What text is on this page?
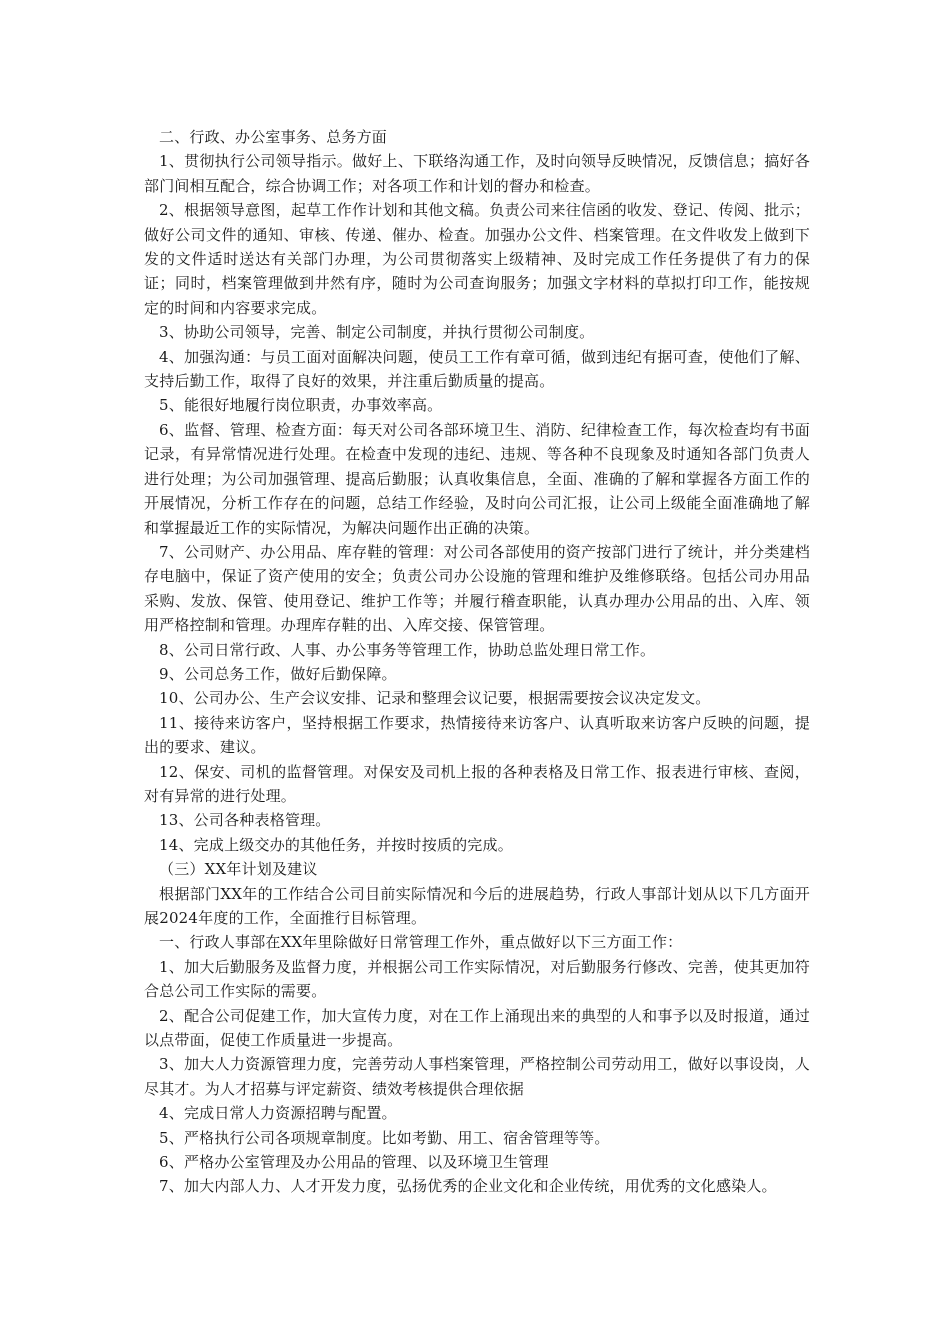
二、行政、办公室事务、总务方面

1、贯彻执行公司领导指示。做好上、下联络沟通工作，及时向领导反映情况，反馈信息；搞好各部门间相互配合，综合协调工作；对各项工作和计划的督办和检查。

2、根据领导意图，起草工作作计划和其他文稿。负责公司来往信函的收发、登记、传阅、批示；做好公司文件的通知、审核、传递、催办、检查。加强办公文件、档案管理。在文件收发上做到下发的文件适时送达有关部门办理，为公司贯彻落实上级精神、及时完成工作任务提供了有力的保证；同时，档案管理做到井然有序，随时为公司查询服务；加强文字材料的草拟打印工作，能按规定的时间和内容要求完成。

3、协助公司领导，完善、制定公司制度，并执行贯彻公司制度。

4、加强沟通：与员工面对面解决问题，使员工工作有章可循，做到违纪有据可查，使他们了解、支持后勤工作，取得了良好的效果，并注重后勤质量的提高。

5、能很好地履行岗位职责，办事效率高。

6、监督、管理、检查方面：每天对公司各部环境卫生、消防、纪律检查工作，每次检查均有书面记录，有异常情况进行处理。在检查中发现的违纪、违规、等各种不良现象及时通知各部门负责人进行处理；为公司加强管理、提高后勤服；认真收集信息，全面、准确的了解和掌握各方面工作的开展情况，分析工作存在的问题，总结工作经验，及时向公司汇报，让公司上级能全面准确地了解和掌握最近工作的实际情况，为解决问题作出正确的决策。

7、公司财产、办公用品、库存鞋的管理：对公司各部使用的资产按部门进行了统计，并分类建档存电脑中，保证了资产使用的安全；负责公司办公设施的管理和维护及维修联络。包括公司办用品采购、发放、保管、使用登记、维护工作等；并履行稽查职能，认真办理办公用品的出、入库、领用严格控制和管理。办理库存鞋的出、入库交接、保管管理。

8、公司日常行政、人事、办公事务等管理工作，协助总监处理日常工作。

9、公司总务工作，做好后勤保障。

10、公司办公、生产会议安排、记录和整理会议记要，根据需要按会议决定发文。

11、接待来访客户，坚持根据工作要求，热情接待来访客户、认真听取来访客户反映的问题，提出的要求、建议。

12、保安、司机的监督管理。对保安及司机上报的各种表格及日常工作、报表进行审核、查阅，对有异常的进行处理。

13、公司各种表格管理。

14、完成上级交办的其他任务，并按时按质的完成。

（三）XX年计划及建议

根据部门XX年的工作结合公司目前实际情况和今后的进展趋势，行政人事部计划从以下几方面开展2024年度的工作，全面推行目标管理。

一、行政人事部在XX年里除做好日常管理工作外，重点做好以下三方面工作：

1、加大后勤服务及监督力度，并根据公司工作实际情况，对后勤服务行修改、完善，使其更加符合总公司工作实际的需要。

2、配合公司促建工作，加大宣传力度，对在工作上涌现出来的典型的人和事予以及时报道，通过以点带面，促使工作质量进一步提高。

3、加大人力资源管理力度，完善劳动人事档案管理，严格控制公司劳动用工，做好以事设岗，人尽其才。为人才招募与评定薪资、绩效考核提供合理依据

4、完成日常人力资源招聘与配置。

5、严格执行公司各项规章制度。比如考勤、用工、宿舍管理等等。

6、严格办公室管理及办公用品的管理、以及环境卫生管理

7、加大内部人力、人才开发力度，弘扬优秀的企业文化和企业传统，用优秀的文化感染人。
